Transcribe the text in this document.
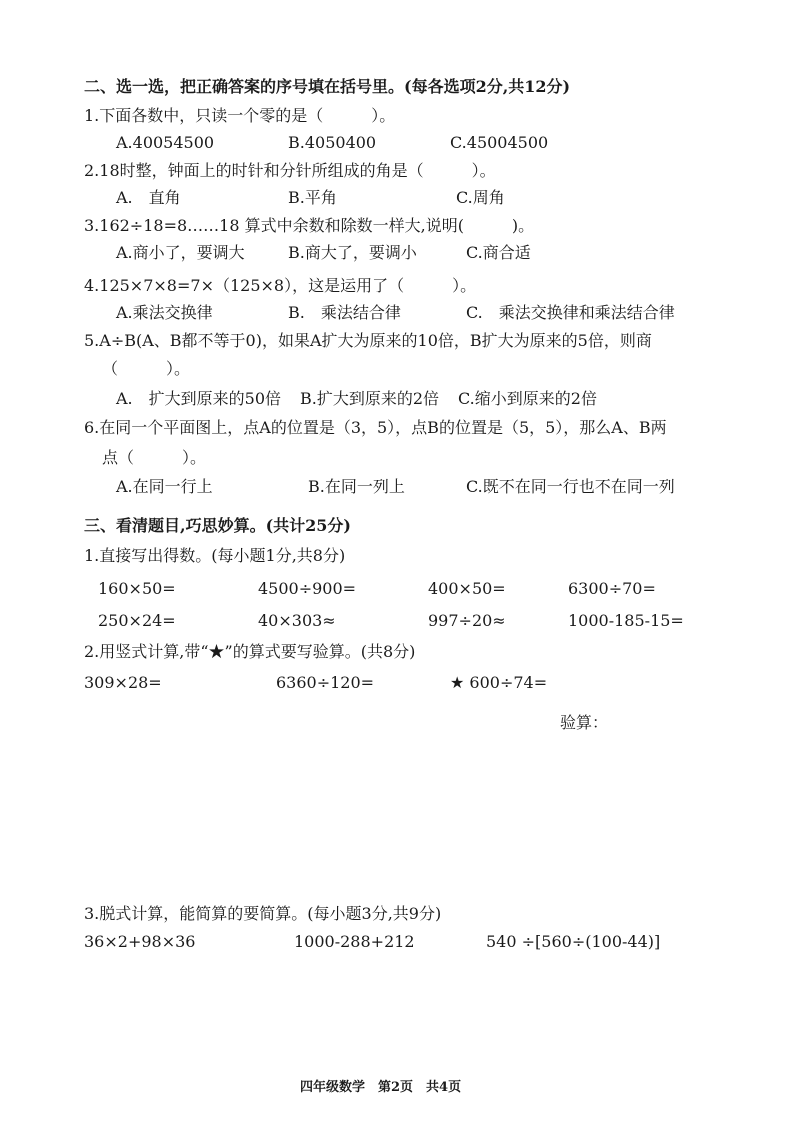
二、选一选，把正确答案的序号填在括号里。(每各选项2分,共12分)
1.下面各数中，只读一个零的是（　　　）。
A.40054500	B.4050400	C.45004500
2.18时整，钟面上的时针和分针所组成的角是（　　　）。
A.　直角	B.平角	C.周角
3.162÷18=8……18 算式中余数和除数一样大,说明(　　　)。
A.商小了，要调大	B.商大了，要调小	C.商合适
4.125×7×8=7×（125×8），这是运用了（　　　）。
A.乘法交换律	B.　乘法结合律	C.　乘法交换律和乘法结合律
5.A÷B(A、B都不等于0)，如果A扩大为原来的10倍，B扩大为原来的5倍，则商
（　　　）。
A.　扩大到原来的50倍 B.扩大到原来的2倍 C.缩小到原来的2倍
6.在同一个平面图上，点A的位置是（3，5），点B的位置是（5，5），那么A、B两
点（　　　）。
A.在同一行上	B.在同一列上	C.既不在同一行也不在同一列
三、看清题目,巧思妙算。(共计25分)
1.直接写出得数。(每小题1分,共8分)
160×50=	4500÷900=	400×50=	6300÷70=
250×24=	40×303≈	997÷20≈	1000-185-15=
2.用竖式计算,带“★”的算式要写验算。(共8分)
309×28=	6360÷120=	★ 600÷74=
验算：
3.脱式计算，能简算的要简算。(每小题3分,共9分)
36×2+98×36	1000-288+212	540 ÷[560÷(100-44)]
四年级数学　第2页　共4页
